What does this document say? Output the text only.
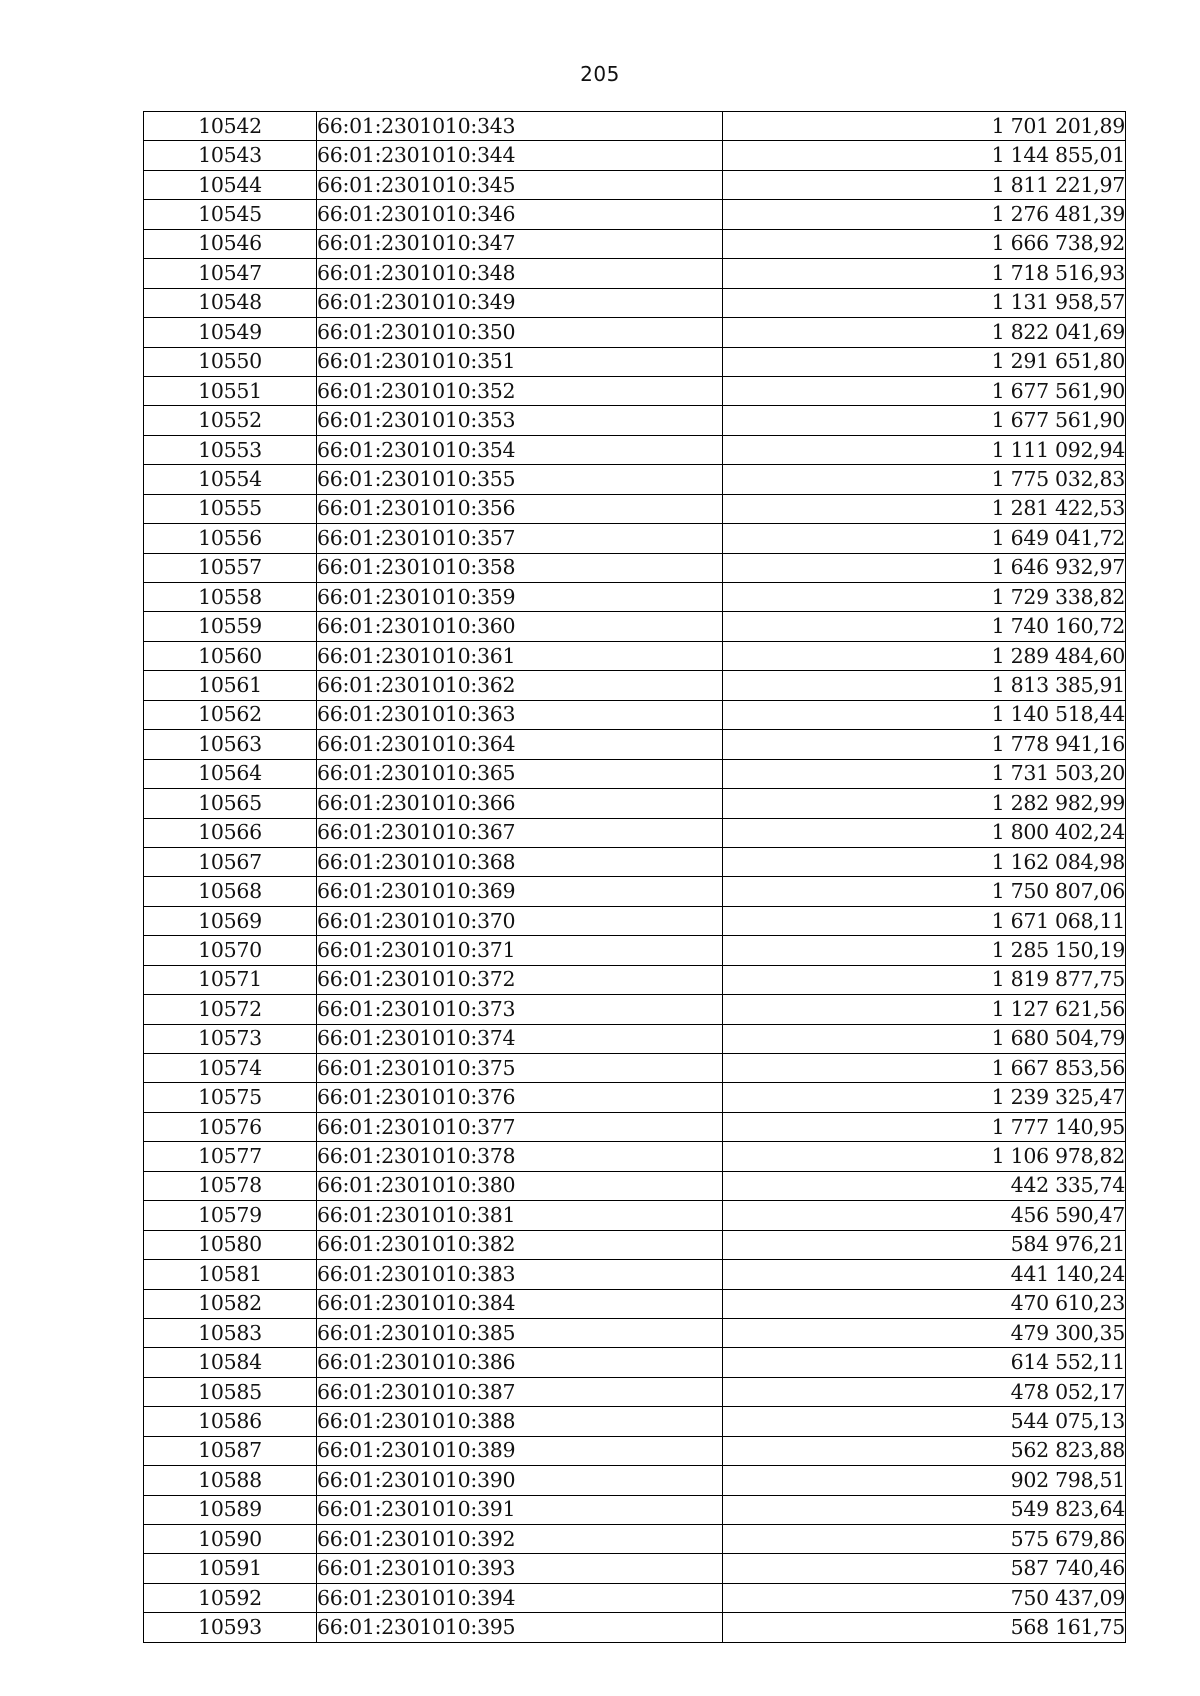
205
10542	66:01:2301010:343	1 701 201,89
10543	66:01:2301010:344	1 144 855,01
10544	66:01:2301010:345	1 811 221,97
10545	66:01:2301010:346	1 276 481,39
10546	66:01:2301010:347	1 666 738,92
10547	66:01:2301010:348	1 718 516,93
10548	66:01:2301010:349	1 131 958,57
10549	66:01:2301010:350	1 822 041,69
10550	66:01:2301010:351	1 291 651,80
10551	66:01:2301010:352	1 677 561,90
10552	66:01:2301010:353	1 677 561,90
10553	66:01:2301010:354	1 111 092,94
10554	66:01:2301010:355	1 775 032,83
10555	66:01:2301010:356	1 281 422,53
10556	66:01:2301010:357	1 649 041,72
10557	66:01:2301010:358	1 646 932,97
10558	66:01:2301010:359	1 729 338,82
10559	66:01:2301010:360	1 740 160,72
10560	66:01:2301010:361	1 289 484,60
10561	66:01:2301010:362	1 813 385,91
10562	66:01:2301010:363	1 140 518,44
10563	66:01:2301010:364	1 778 941,16
10564	66:01:2301010:365	1 731 503,20
10565	66:01:2301010:366	1 282 982,99
10566	66:01:2301010:367	1 800 402,24
10567	66:01:2301010:368	1 162 084,98
10568	66:01:2301010:369	1 750 807,06
10569	66:01:2301010:370	1 671 068,11
10570	66:01:2301010:371	1 285 150,19
10571	66:01:2301010:372	1 819 877,75
10572	66:01:2301010:373	1 127 621,56
10573	66:01:2301010:374	1 680 504,79
10574	66:01:2301010:375	1 667 853,56
10575	66:01:2301010:376	1 239 325,47
10576	66:01:2301010:377	1 777 140,95
10577	66:01:2301010:378	1 106 978,82
10578	66:01:2301010:380	442 335,74
10579	66:01:2301010:381	456 590,47
10580	66:01:2301010:382	584 976,21
10581	66:01:2301010:383	441 140,24
10582	66:01:2301010:384	470 610,23
10583	66:01:2301010:385	479 300,35
10584	66:01:2301010:386	614 552,11
10585	66:01:2301010:387	478 052,17
10586	66:01:2301010:388	544 075,13
10587	66:01:2301010:389	562 823,88
10588	66:01:2301010:390	902 798,51
10589	66:01:2301010:391	549 823,64
10590	66:01:2301010:392	575 679,86
10591	66:01:2301010:393	587 740,46
10592	66:01:2301010:394	750 437,09
10593	66:01:2301010:395	568 161,75
